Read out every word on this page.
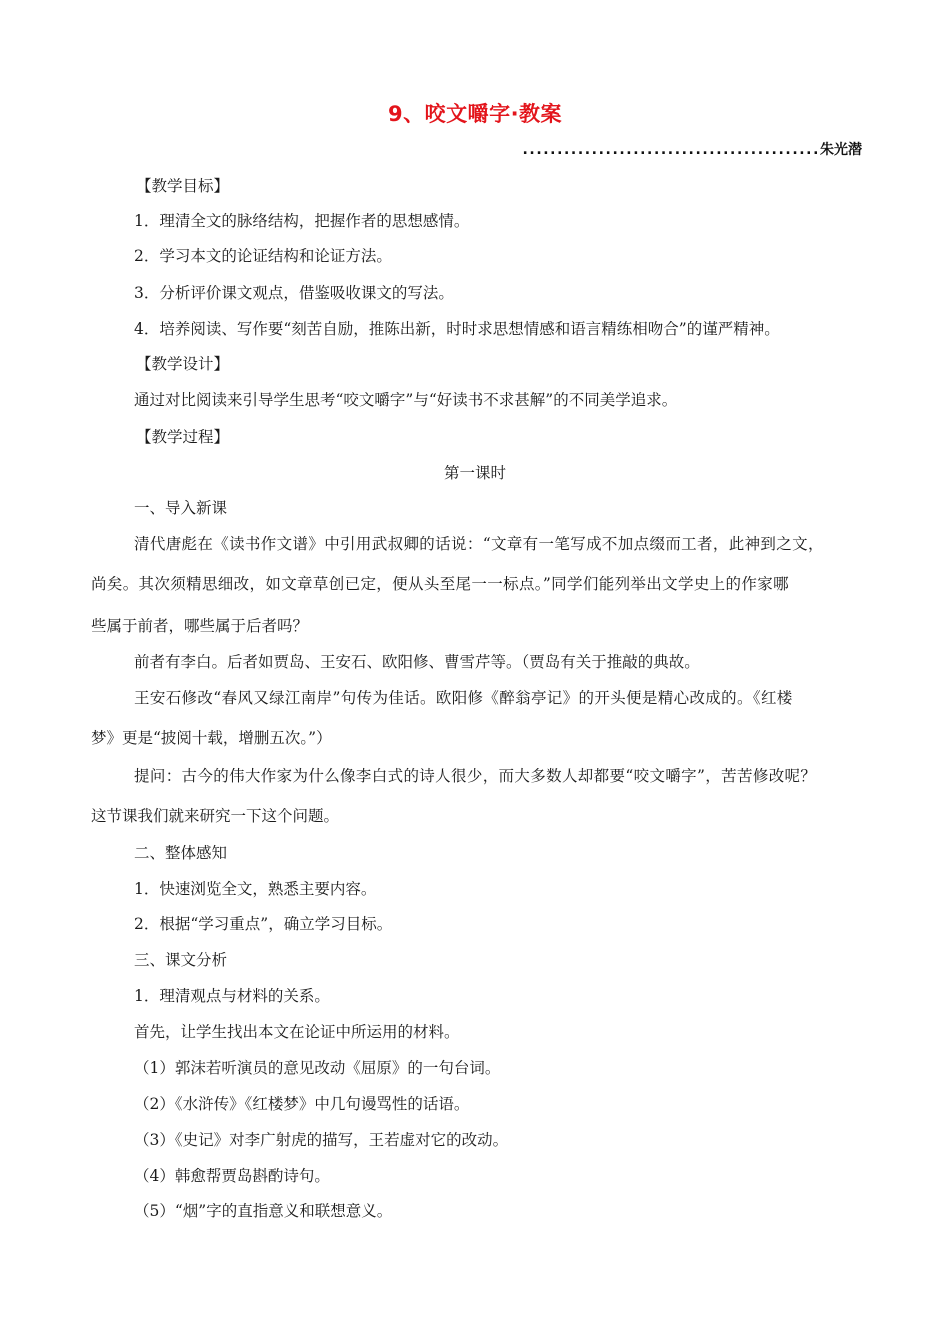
9、咬文嚼字·教案
........................................... 朱光潜
【教学目标】
1．理清全文的脉络结构，把握作者的思想感情。
2．学习本文的论证结构和论证方法。
3．分析评价课文观点，借鉴吸收课文的写法。
4．培养阅读、写作要“刻苦自励，推陈出新，时时求思想情感和语言精练相吻合”的谨严精神。
【教学设计】
通过对比阅读来引导学生思考“咬文嚼字”与“好读书不求甚解”的不同美学追求。
【教学过程】
第一课时
一、导入新课
清代唐彪在《读书作文谱》中引用武叔卿的话说：“文章有一笔写成不加点缀而工者，此神到之文，
尚矣。其次须精思细改，如文章草创已定，便从头至尾一一标点。”同学们能列举出文学史上的作家哪
些属于前者，哪些属于后者吗？
前者有李白。后者如贾岛、王安石、欧阳修、曹雪芹等。（贾岛有关于推敲的典故。
王安石修改“春风又绿江南岸”句传为佳话。欧阳修《醉翁亭记》的开头便是精心改成的。《红楼
梦》更是“披阅十载，增删五次。”）
提问：古今的伟大作家为什么像李白式的诗人很少，而大多数人却都要“咬文嚼字”，苦苦修改呢？
这节课我们就来研究一下这个问题。
二、整体感知
1．快速浏览全文，熟悉主要内容。
2．根据“学习重点”，确立学习目标。
三、课文分析
1．理清观点与材料的关系。
首先，让学生找出本文在论证中所运用的材料。
（1）郭沫若听演员的意见改动《屈原》的一句台词。
（2）《水浒传》《红楼梦》中几句谩骂性的话语。
（3）《史记》对李广射虎的描写，王若虚对它的改动。
（4）韩愈帮贾岛斟酌诗句。
（5）“烟”字的直指意义和联想意义。
